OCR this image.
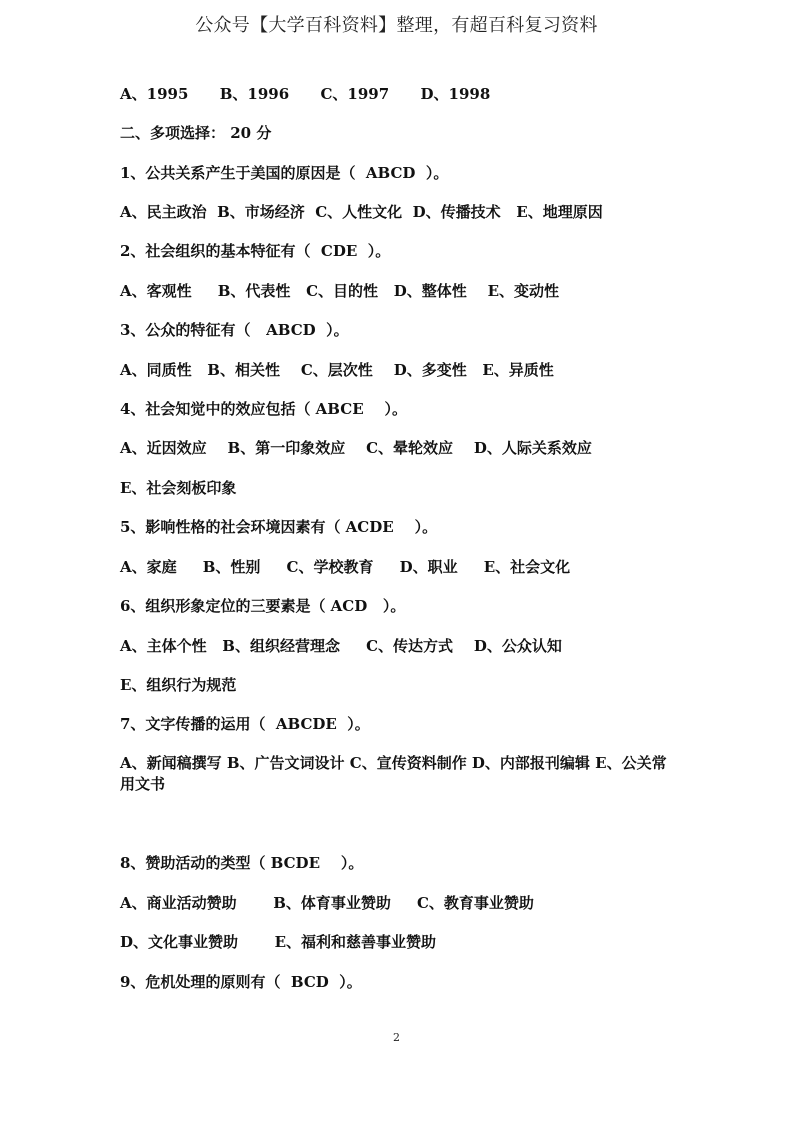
公众号【大学百科资料】整理，有超百科复习资料
A、1995      B、1996      C、1997      D、1998
二、多项选择： 20 分
1、公共关系产生于美国的原因是（  ABCD  ）。
A、民主政治  B、市场经济  C、人性文化  D、传播技术   E、地理原因
2、社会组织的基本特征有（  CDE  ）。
A、客观性     B、代表性   C、目的性   D、整体性    E、变动性
3、公众的特征有（   ABCD  ）。
A、同质性   B、相关性    C、层次性    D、多变性   E、异质性
4、社会知觉中的效应包括（ ABCE    ）。
A、近因效应    B、第一印象效应    C、晕轮效应    D、人际关系效应
E、社会刻板印象
5、影响性格的社会环境因素有（ ACDE    ）。
A、家庭     B、性别     C、学校教育     D、职业     E、社会文化
6、组织形象定位的三要素是（ ACD   ）。
A、主体个性   B、组织经营理念     C、传达方式    D、公众认知
E、组织行为规范
7、文字传播的运用（  ABCDE  ）。
A、新闻稿撰写 B、广告文词设计 C、宣传资料制作 D、内部报刊编辑 E、公关常用文书
8、赞助活动的类型（ BCDE    ）。
A、商业活动赞助       B、体育事业赞助     C、教育事业赞助
D、文化事业赞助       E、福利和慈善事业赞助
9、危机处理的原则有（  BCD  ）。
2
